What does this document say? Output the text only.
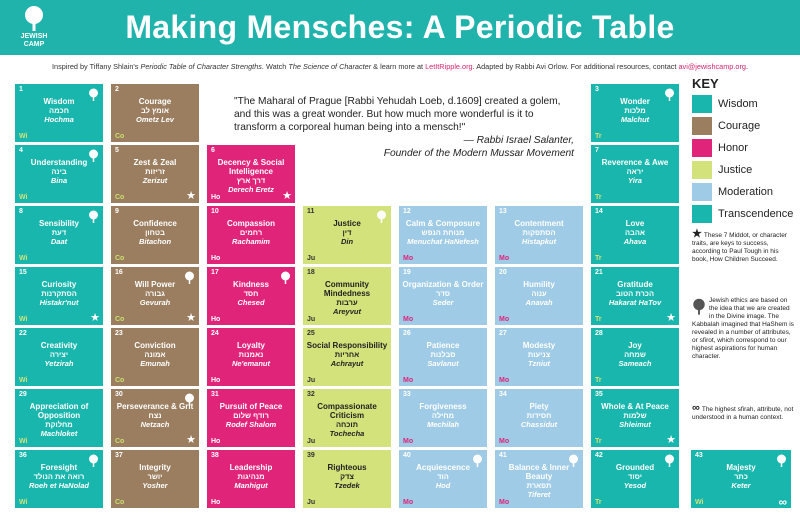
JEWISH
CAMP	Making Mensches: A Periodic Table
Inspired by Tiffany Shlain's Periodic Table of Character Strengths. Watch The Science of Character & learn more at LetItRipple.org. Adapted by Rabbi Avi Orlow. For additional resources, contact avi@jewishcamp.org.
"The Maharal of Prague [Rabbi Yehudah Loeb, d.1609] created a golem, and this was a great wonder. But how much more wonderful is it to transform a corporeal human being into a mensch!"
— Rabbi Israel Salanter,
Founder of the Modern Mussar Movement
1
Wisdom
חכמה
Hochma
Wi
2
Courage
אומץ לב
Ometz Lev
Co
3
Wonder
מלכות
Malchut
Tr
4
Understanding
בינה
Bina
Wi
5
Zest & Zeal
זריזות
Zerizut
Co	★
6
Decency & Social Intelligence
דרך ארץ
Derech Eretz
Ho	★
7
Reverence & Awe
יראה
Yira
Tr
8
Sensibility
דעת
Daat
Wi
9
Confidence
בטחון
Bitachon
Co
10
Compassion
רחמים
Rachamim
Ho
11
Justice
דין
Din
Ju
12
Calm & Composure
מנוחת הנפש
Menuchat HaNefesh
Mo
13
Contentment
הסתפקות
Histapkut
Mo
14
Love
אהבה
Ahava
Tr
15
Curiosity
הסתקרנות
Histakr'nut
Wi	★
16
Will Power
גבורה
Gevurah
Co	★
17
Kindness
חסד
Chesed
Ho
18
Community Mindedness
ערבות
Areyvut
Ju
19
Organization & Order
סדר
Seder
Mo
20
Humility
ענוה
Anavah
Mo
21
Gratitude
הכרת הטוב
Hakarat HaTov
Tr	★
22
Creativity
יצירה
Yetzirah
Wi
23
Conviction
אמונה
Emunah
Co
24
Loyalty
נאמנות
Ne'emanut
Ho
25
Social Responsibility
אחריות
Achrayut
Ju
26
Patience
סבלנות
Savlanut
Mo
27
Modesty
צניעות
Tzniut
Mo
28
Joy
שמחה
Sameach
Tr
29
Appreciation of Opposition
מחלוקת
Machloket
Wi
30
Perseverance & Grit
נצח
Netzach
Co	★
31
Pursuit of Peace
רודף שלום
Rodef Shalom
Ho
32
Compassionate Criticism
תוכחה
Tochecha
Ju
33
Forgiveness
מחילה
Mechilah
Mo
34
Piety
חסידות
Chassidut
Mo
35
Whole & At Peace
שלמות
Shleimut
Tr	★
36
Foresight
רואה את הנולד
Roeh et HaNolad
Wi
37
Integrity
יושר
Yosher
Co
38
Leadership
מנהיגות
Manhigut
Ho
39
Righteous
צדק
Tzedek
Ju
40
Acquiescence
הוד
Hod
Mo
41
Balance & Inner Beauty
תפארת
Tiferet
Mo
42
Grounded
יסוד
Yesod
Tr
43
Majesty
כתר
Keter
Wi	∞
KEY
Wisdom
Courage
Honor
Justice
Moderation
Transcendence
★ These 7 Middot, or character traits, are keys to success, according to Paul Tough in his book, How Children Succeed.
Jewish ethics are based on the idea that we are created in the Divine image. The Kabbalah imagined that HaShem is revealed in a number of attributes, or sfirot, which correspond to our highest aspirations for human character.
∞ The highest sfirah, attribute, not understood in a human context.
